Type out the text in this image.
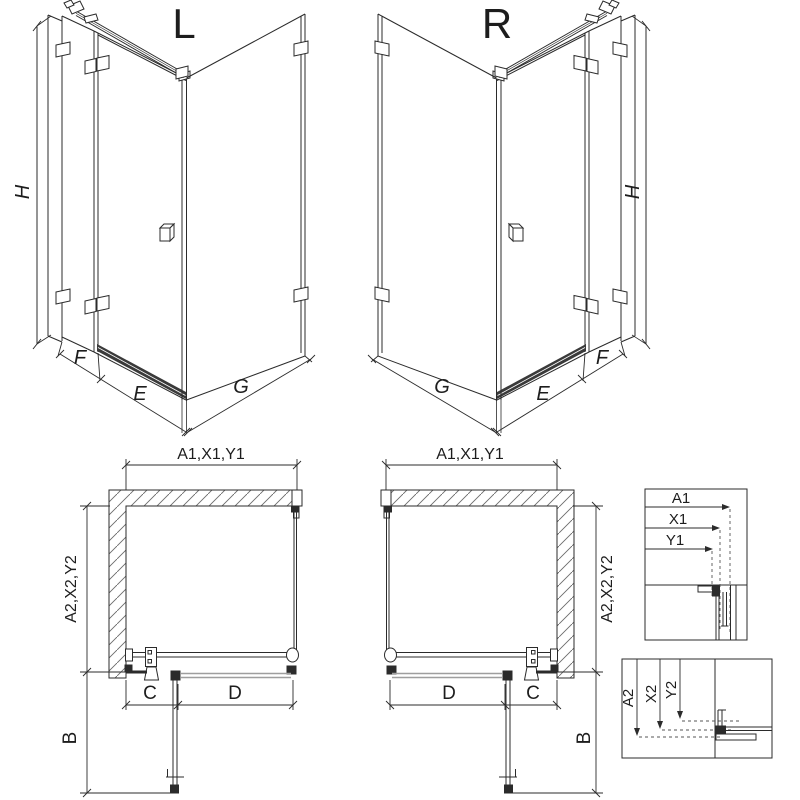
L	R
H
F
E	G
H
F
E
G
A1,X1,Y1
A2,X2,Y2
C	D
B
A1,X1,Y1
A2,X2,Y2
D	C
B
A1
X1
Y1
A2 X2 Y2
